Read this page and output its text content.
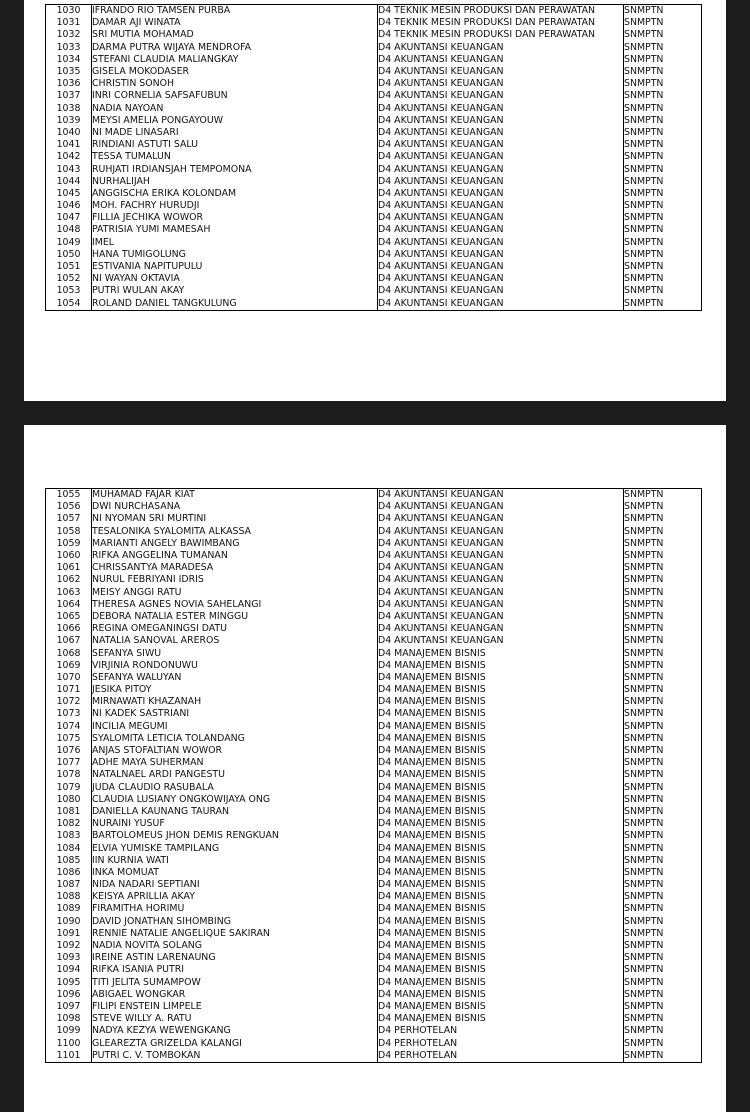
1030	IFRANDO RIO TAMSEN PURBA	D4 TEKNIK MESIN PRODUKSI DAN PERAWATAN	SNMPTN
1031	DAMAR AJI WINATA	D4 TEKNIK MESIN PRODUKSI DAN PERAWATAN	SNMPTN
1032	SRI MUTIA MOHAMAD	D4 TEKNIK MESIN PRODUKSI DAN PERAWATAN	SNMPTN
1033	DARMA PUTRA WIJAYA MENDROFA	D4 AKUNTANSI KEUANGAN	SNMPTN
1034	STEFANI CLAUDIA MALIANGKAY	D4 AKUNTANSI KEUANGAN	SNMPTN
1035	GISELA MOKODASER	D4 AKUNTANSI KEUANGAN	SNMPTN
1036	CHRISTIN SONOH	D4 AKUNTANSI KEUANGAN	SNMPTN
1037	INRI CORNELIA SAFSAFUBUN	D4 AKUNTANSI KEUANGAN	SNMPTN
1038	NADIA NAYOAN	D4 AKUNTANSI KEUANGAN	SNMPTN
1039	MEYSI AMELIA PONGAYOUW	D4 AKUNTANSI KEUANGAN	SNMPTN
1040	NI MADE LINASARI	D4 AKUNTANSI KEUANGAN	SNMPTN
1041	RINDIANI ASTUTI SALU	D4 AKUNTANSI KEUANGAN	SNMPTN
1042	TESSA TUMALUN	D4 AKUNTANSI KEUANGAN	SNMPTN
1043	RUHJATI IRDIANSJAH TEMPOMONA	D4 AKUNTANSI KEUANGAN	SNMPTN
1044	NURHALIJAH	D4 AKUNTANSI KEUANGAN	SNMPTN
1045	ANGGISCHA ERIKA KOLONDAM	D4 AKUNTANSI KEUANGAN	SNMPTN
1046	MOH. FACHRY HURUDJI	D4 AKUNTANSI KEUANGAN	SNMPTN
1047	FILLIA JECHIKA WOWOR	D4 AKUNTANSI KEUANGAN	SNMPTN
1048	PATRISIA YUMI MAMESAH	D4 AKUNTANSI KEUANGAN	SNMPTN
1049	IMEL	D4 AKUNTANSI KEUANGAN	SNMPTN
1050	HANA TUMIGOLUNG	D4 AKUNTANSI KEUANGAN	SNMPTN
1051	ESTIVANIA NAPITUPULU	D4 AKUNTANSI KEUANGAN	SNMPTN
1052	NI WAYAN OKTAVIA	D4 AKUNTANSI KEUANGAN	SNMPTN
1053	PUTRI WULAN AKAY	D4 AKUNTANSI KEUANGAN	SNMPTN
1054	ROLAND DANIEL TANGKULUNG	D4 AKUNTANSI KEUANGAN	SNMPTN
1055	MUHAMAD FAJAR KIAT	D4 AKUNTANSI KEUANGAN	SNMPTN
1056	DWI NURCHASANA	D4 AKUNTANSI KEUANGAN	SNMPTN
1057	NI NYOMAN SRI MURTINI	D4 AKUNTANSI KEUANGAN	SNMPTN
1058	TESALONIKA SYALOMITA ALKASSA	D4 AKUNTANSI KEUANGAN	SNMPTN
1059	MARIANTI ANGELY BAWIMBANG	D4 AKUNTANSI KEUANGAN	SNMPTN
1060	RIFKA ANGGELINA TUMANAN	D4 AKUNTANSI KEUANGAN	SNMPTN
1061	CHRISSANTYA MARADESA	D4 AKUNTANSI KEUANGAN	SNMPTN
1062	NURUL FEBRIYANI IDRIS	D4 AKUNTANSI KEUANGAN	SNMPTN
1063	MEISY ANGGI RATU	D4 AKUNTANSI KEUANGAN	SNMPTN
1064	THERESA AGNES NOVIA SAHELANGI	D4 AKUNTANSI KEUANGAN	SNMPTN
1065	DEBORA NATALIA ESTER MINGGU	D4 AKUNTANSI KEUANGAN	SNMPTN
1066	REGINA OMEGANINGSI DATU	D4 AKUNTANSI KEUANGAN	SNMPTN
1067	NATALIA SANOVAL AREROS	D4 AKUNTANSI KEUANGAN	SNMPTN
1068	SEFANYA SIWU	D4 MANAJEMEN BISNIS	SNMPTN
1069	VIRJINIA RONDONUWU	D4 MANAJEMEN BISNIS	SNMPTN
1070	SEFANYA WALUYAN	D4 MANAJEMEN BISNIS	SNMPTN
1071	JESIKA PITOY	D4 MANAJEMEN BISNIS	SNMPTN
1072	MIRNAWATI KHAZANAH	D4 MANAJEMEN BISNIS	SNMPTN
1073	NI KADEK SASTRIANI	D4 MANAJEMEN BISNIS	SNMPTN
1074	INCILIA MEGUMI	D4 MANAJEMEN BISNIS	SNMPTN
1075	SYALOMITA LETICIA TOLANDANG	D4 MANAJEMEN BISNIS	SNMPTN
1076	ANJAS STOFALTIAN WOWOR	D4 MANAJEMEN BISNIS	SNMPTN
1077	ADHE MAYA SUHERMAN	D4 MANAJEMEN BISNIS	SNMPTN
1078	NATALNAEL ARDI PANGESTU	D4 MANAJEMEN BISNIS	SNMPTN
1079	JUDA CLAUDIO RASUBALA	D4 MANAJEMEN BISNIS	SNMPTN
1080	CLAUDIA LUSIANY ONGKOWIJAYA ONG	D4 MANAJEMEN BISNIS	SNMPTN
1081	DANIELLA KAUNANG TAURAN	D4 MANAJEMEN BISNIS	SNMPTN
1082	NURAINI YUSUF	D4 MANAJEMEN BISNIS	SNMPTN
1083	BARTOLOMEUS JHON DEMIS RENGKUAN	D4 MANAJEMEN BISNIS	SNMPTN
1084	ELVIA YUMISKE TAMPILANG	D4 MANAJEMEN BISNIS	SNMPTN
1085	IIN KURNIA WATI	D4 MANAJEMEN BISNIS	SNMPTN
1086	INKA MOMUAT	D4 MANAJEMEN BISNIS	SNMPTN
1087	NIDA NADARI SEPTIANI	D4 MANAJEMEN BISNIS	SNMPTN
1088	KEISYA APRILLIA AKAY	D4 MANAJEMEN BISNIS	SNMPTN
1089	FIRAMITHA HORIMU	D4 MANAJEMEN BISNIS	SNMPTN
1090	DAVID JONATHAN SIHOMBING	D4 MANAJEMEN BISNIS	SNMPTN
1091	RENNIE NATALIE ANGELIQUE SAKIRAN	D4 MANAJEMEN BISNIS	SNMPTN
1092	NADIA NOVITA SOLANG	D4 MANAJEMEN BISNIS	SNMPTN
1093	IREINE ASTIN LARENAUNG	D4 MANAJEMEN BISNIS	SNMPTN
1094	RIFKA ISANIA PUTRI	D4 MANAJEMEN BISNIS	SNMPTN
1095	TITI JELITA SUMAMPOW	D4 MANAJEMEN BISNIS	SNMPTN
1096	ABIGAEL WONGKAR	D4 MANAJEMEN BISNIS	SNMPTN
1097	FILIPI ENSTEIN LIMPELE	D4 MANAJEMEN BISNIS	SNMPTN
1098	STEVE WILLY A. RATU	D4 MANAJEMEN BISNIS	SNMPTN
1099	NADYA KEZYA WEWENGKANG	D4 PERHOTELAN	SNMPTN
1100	GLEAREZTA GRIZELDA KALANGI	D4 PERHOTELAN	SNMPTN
1101	PUTRI C. V. TOMBOKAN	D4 PERHOTELAN	SNMPTN
